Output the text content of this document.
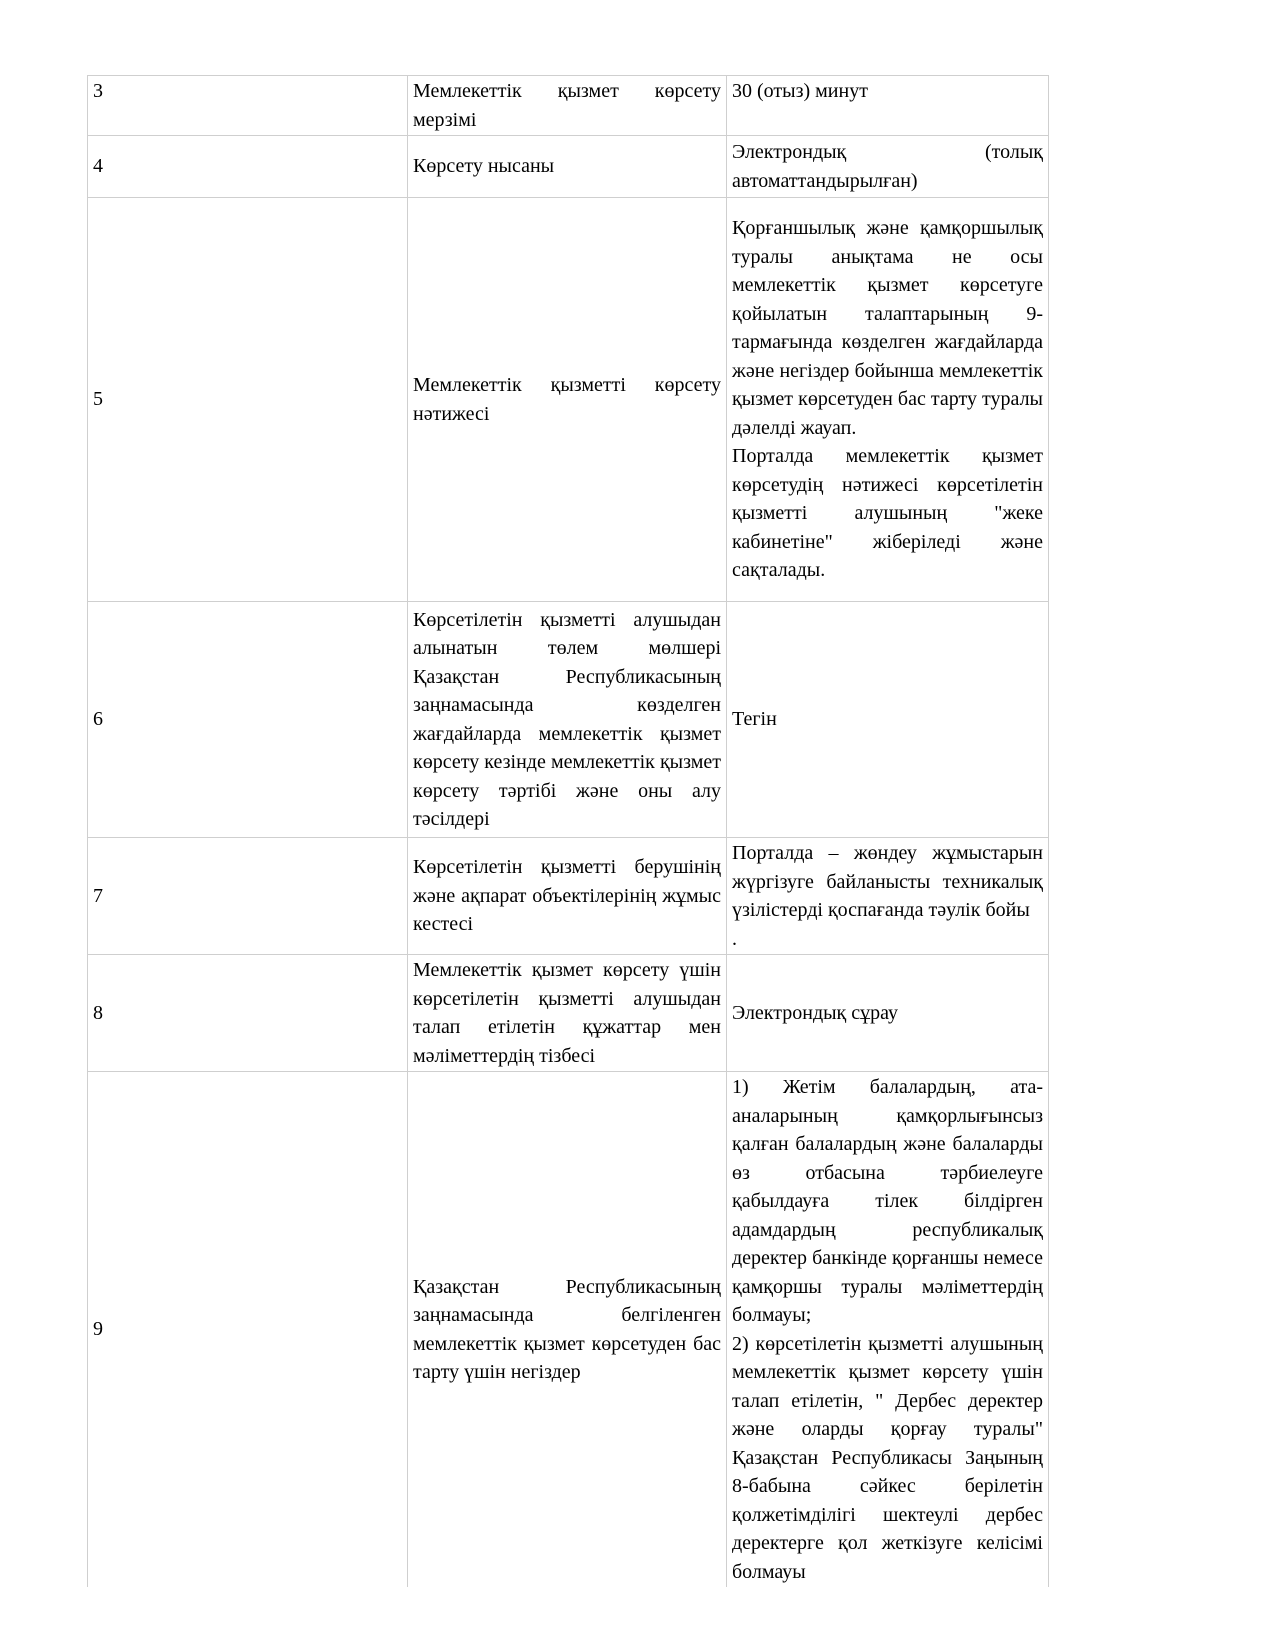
3	Мемлекеттік қызмет көрсету мерзімі	30 (отыз) минут

4	Көрсету нысаны	Электрондық (толық автоматтандырылған)

5	Мемлекеттік қызметті көрсету нәтижесі	Қорғаншылық және қамқоршылық туралы анықтама не осы мемлекеттік қызмет көрсетуге қойылатын талаптарының 9-тармағында көзделген жағдайларда және негіздер бойынша мемлекеттік қызмет көрсетуден бас тарту туралы дәлелді жауап.

Порталда мемлекеттік қызмет көрсетудің нәтижесі көрсетілетін қызметті алушының "жеке кабинетіне" жіберіледі және сақталады.

6	Көрсетілетін қызметті алушыдан алынатын төлем мөлшері Қазақстан Республикасының заңнамасында көзделген жағдайларда мемлекеттік қызмет көрсету кезінде мемлекеттік қызмет көрсету тәртібі және оны алу тәсілдері	Тегін

7	Көрсетілетін қызметті берушінің және ақпарат объектілерінің жұмыс кестесі	Порталда – жөндеу жұмыстарын жүргізуге байланысты техникалық үзілістерді қоспағанда тәулік бойы

.

8	Мемлекеттік қызмет көрсету үшін көрсетілетін қызметті алушыдан талап етілетін құжаттар мен мәліметтердің тізбесі	Электрондық сұрау

9	Қазақстан Республикасының заңнамасында белгіленген мемлекеттік қызмет көрсетуден бас тарту үшін негіздер	1) Жетім балалардың, ата-аналарының қамқорлығынсыз қалған балалардың және балаларды өз отбасына тәрбиелеуге қабылдауға тілек білдірген адамдардың республикалық деректер банкінде қорғаншы немесе қамқоршы туралы мәліметтердің болмауы;

2) көрсетілетін қызметті алушының мемлекеттік қызмет көрсету үшін талап етілетін, " Дербес деректер және оларды қорғау туралы" Қазақстан Республикасы Заңының 8-бабына сәйкес берілетін қолжетімділігі шектеулі дербес деректерге қол жеткізуге келісімі болмауы
